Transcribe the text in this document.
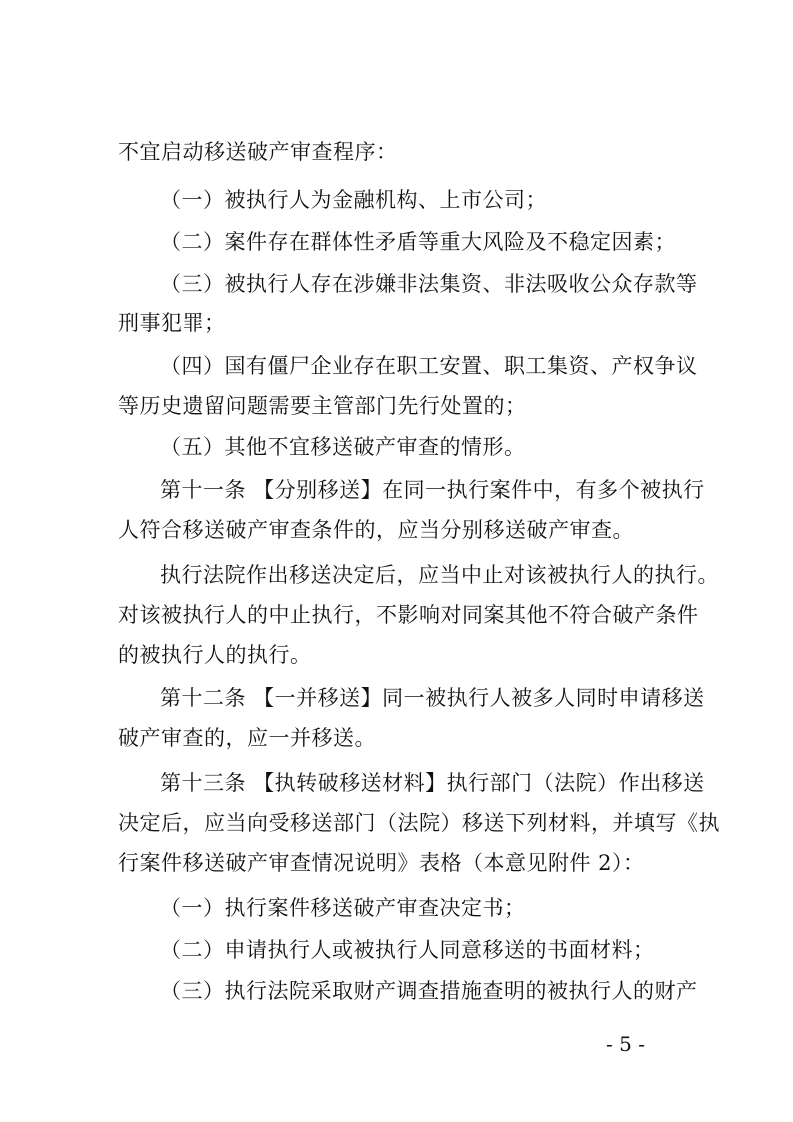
不宜启动移送破产审查程序：
（一）被执行人为金融机构、上市公司；
（二）案件存在群体性矛盾等重大风险及不稳定因素；
（三）被执行人存在涉嫌非法集资、非法吸收公众存款等
刑事犯罪；
（四）国有僵尸企业存在职工安置、职工集资、产权争议
等历史遗留问题需要主管部门先行处置的；
（五）其他不宜移送破产审查的情形。
第十一条 【分别移送】在同一执行案件中，有多个被执行
人符合移送破产审查条件的，应当分别移送破产审查。
执行法院作出移送决定后，应当中止对该被执行人的执行。
对该被执行人的中止执行，不影响对同案其他不符合破产条件
的被执行人的执行。
第十二条 【一并移送】同一被执行人被多人同时申请移送
破产审查的，应一并移送。
第十三条 【执转破移送材料】执行部门（法院）作出移送
决定后，应当向受移送部门（法院）移送下列材料，并填写《执
行案件移送破产审查情况说明》表格（本意见附件 2）：
（一）执行案件移送破产审查决定书；
（二）申请执行人或被执行人同意移送的书面材料；
（三）执行法院采取财产调查措施查明的被执行人的财产
- 5 -
